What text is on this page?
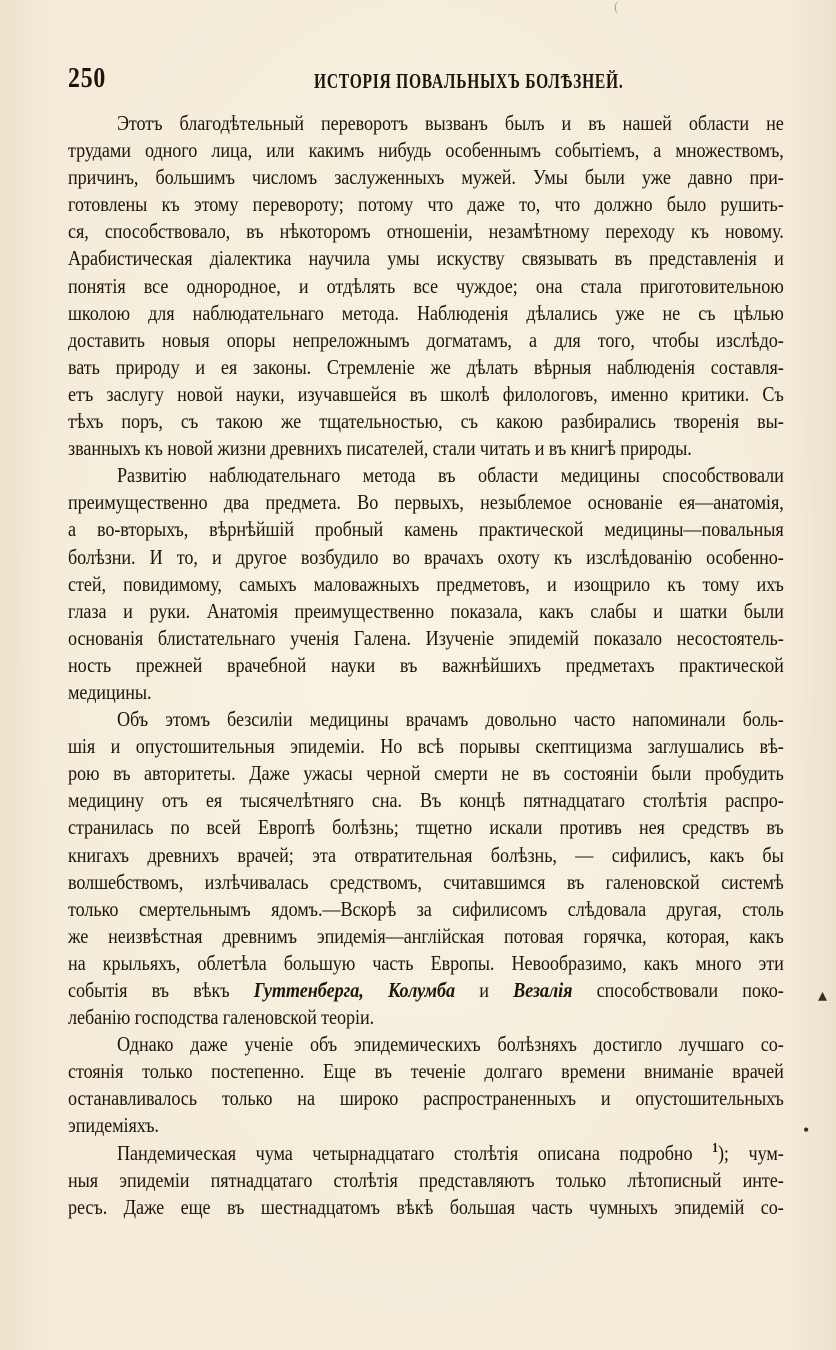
(
250	ИСТОРІЯ ПОВАЛЬНЫХЪ БОЛѢЗНЕЙ.
Этотъ благодѣтельный переворотъ вызванъ былъ и въ нашей области не
трудами одного лица, или какимъ нибудь особеннымъ событіемъ, а множествомъ,
причинъ, большимъ числомъ заслуженныхъ мужей. Умы были уже давно при-
готовлены къ этому перевороту; потому что даже то, что должно было рушить-
ся, способствовало, въ нѣкоторомъ отношеніи, незамѣтному переходу къ новому.
Арабистическая діалектика научила умы искуству связывать въ представленія и
понятія все однородное, и отдѣлять все чуждое; она стала приготовительною
школою для наблюдательнаго метода. Наблюденія дѣлались уже не съ цѣлью
доставить новыя опоры непреложнымъ догматамъ, а для того, чтобы изслѣдо-
вать природу и ея законы. Стремленіе же дѣлать вѣрныя наблюденія составля-
етъ заслугу новой науки, изучавшейся въ школѣ филологовъ, именно критики. Съ
тѣхъ поръ, съ такою же тщательностью, съ какою разбирались творенія вы-
званныхъ къ новой жизни древнихъ писателей, стали читать и въ книгѣ природы.
Развитію наблюдательнаго метода въ области медицины способствовали
преимущественно два предмета. Во первыхъ, незыблемое основаніе ея—анатомія,
а во-вторыхъ, вѣрнѣйшій пробный камень практической медицины—повальныя
болѣзни. И то, и другое возбудило во врачахъ охоту къ изслѣдованію особенно-
стей, повидимому, самыхъ маловажныхъ предметовъ, и изощрило къ тому ихъ
глаза и руки. Анатомія преимущественно показала, какъ слабы и шатки были
основанія блистательнаго ученія Галена. Изученіе эпидемій показало несостоятель-
ность прежней врачебной науки въ важнѣйшихъ предметахъ практической
медицины.
Объ этомъ безсиліи медицины врачамъ довольно часто напоминали боль-
шія и опустошительныя эпидеміи. Но всѣ порывы скептицизма заглушались вѣ-
рою въ авторитеты. Даже ужасы черной смерти не въ состояніи были пробудить
медицину отъ ея тысячелѣтняго сна. Въ концѣ пятнадцатаго столѣтія распро-
странилась по всей Европѣ болѣзнь; тщетно искали противъ нея средствъ въ
книгахъ древнихъ врачей; эта отвратительная болѣзнь, — сифилисъ, какъ бы
волшебствомъ, излѣчивалась средствомъ, считавшимся въ галеновской системѣ
только смертельнымъ ядомъ.—Вскорѣ за сифилисомъ слѣдовала другая, столь
же неизвѣстная древнимъ эпидемія—англійская потовая горячка, которая, какъ
на крыльяхъ, облетѣла большую часть Европы. Невообразимо, какъ много эти
событія въ вѣкъ Гуттенберга, Колумба и Везалія способствовали поко-
лебанію господства галеновской теоріи.
Однако даже ученіе объ эпидемическихъ болѣзняхъ достигло лучшаго со-
стоянія только постепенно. Еще въ теченіе долгаго времени вниманіе врачей
останавливалось только на широко распространенныхъ и опустошительныхъ
эпидеміяхъ.
Пандемическая чума четырнадцатаго столѣтія описана подробно $^1$); чум-
ныя эпидеміи пятнадцатаго столѣтія представляютъ только лѣтописный инте-
ресъ. Даже еще въ шестнадцатомъ вѣкѣ большая часть чумныхъ эпидемій со-
▴
•
